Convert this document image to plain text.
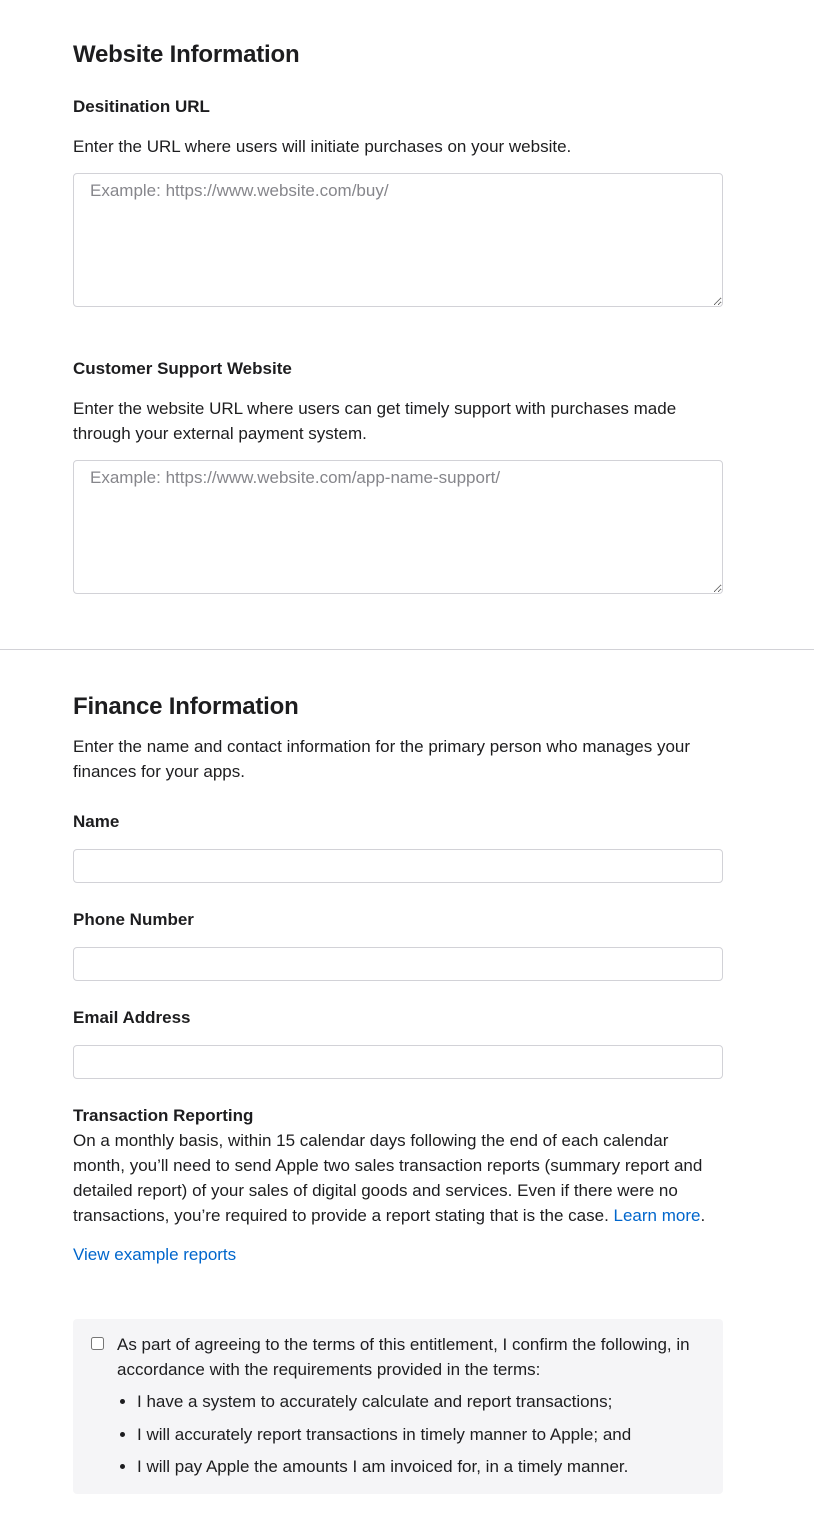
Website Information
Desitination URL
Enter the URL where users will initiate purchases on your website.
Example: https://www.website.com/buy/
Customer Support Website
Enter the website URL where users can get timely support with purchases made through your external payment system.
Example: https://www.website.com/app-name-support/
Finance Information
Enter the name and contact information for the primary person who manages your finances for your apps.
Name
Phone Number
Email Address
Transaction Reporting
On a monthly basis, within 15 calendar days following the end of each calendar month, you’ll need to send Apple two sales transaction reports (summary report and detailed report) of your sales of digital goods and services. Even if there were no transactions, you’re required to provide a report stating that is the case. Learn more.
View example reports
As part of agreeing to the terms of this entitlement, I confirm the following, in accordance with the requirements provided in the terms:
• I have a system to accurately calculate and report transactions;
• I will accurately report transactions in timely manner to Apple; and
• I will pay Apple the amounts I am invoiced for, in a timely manner.
